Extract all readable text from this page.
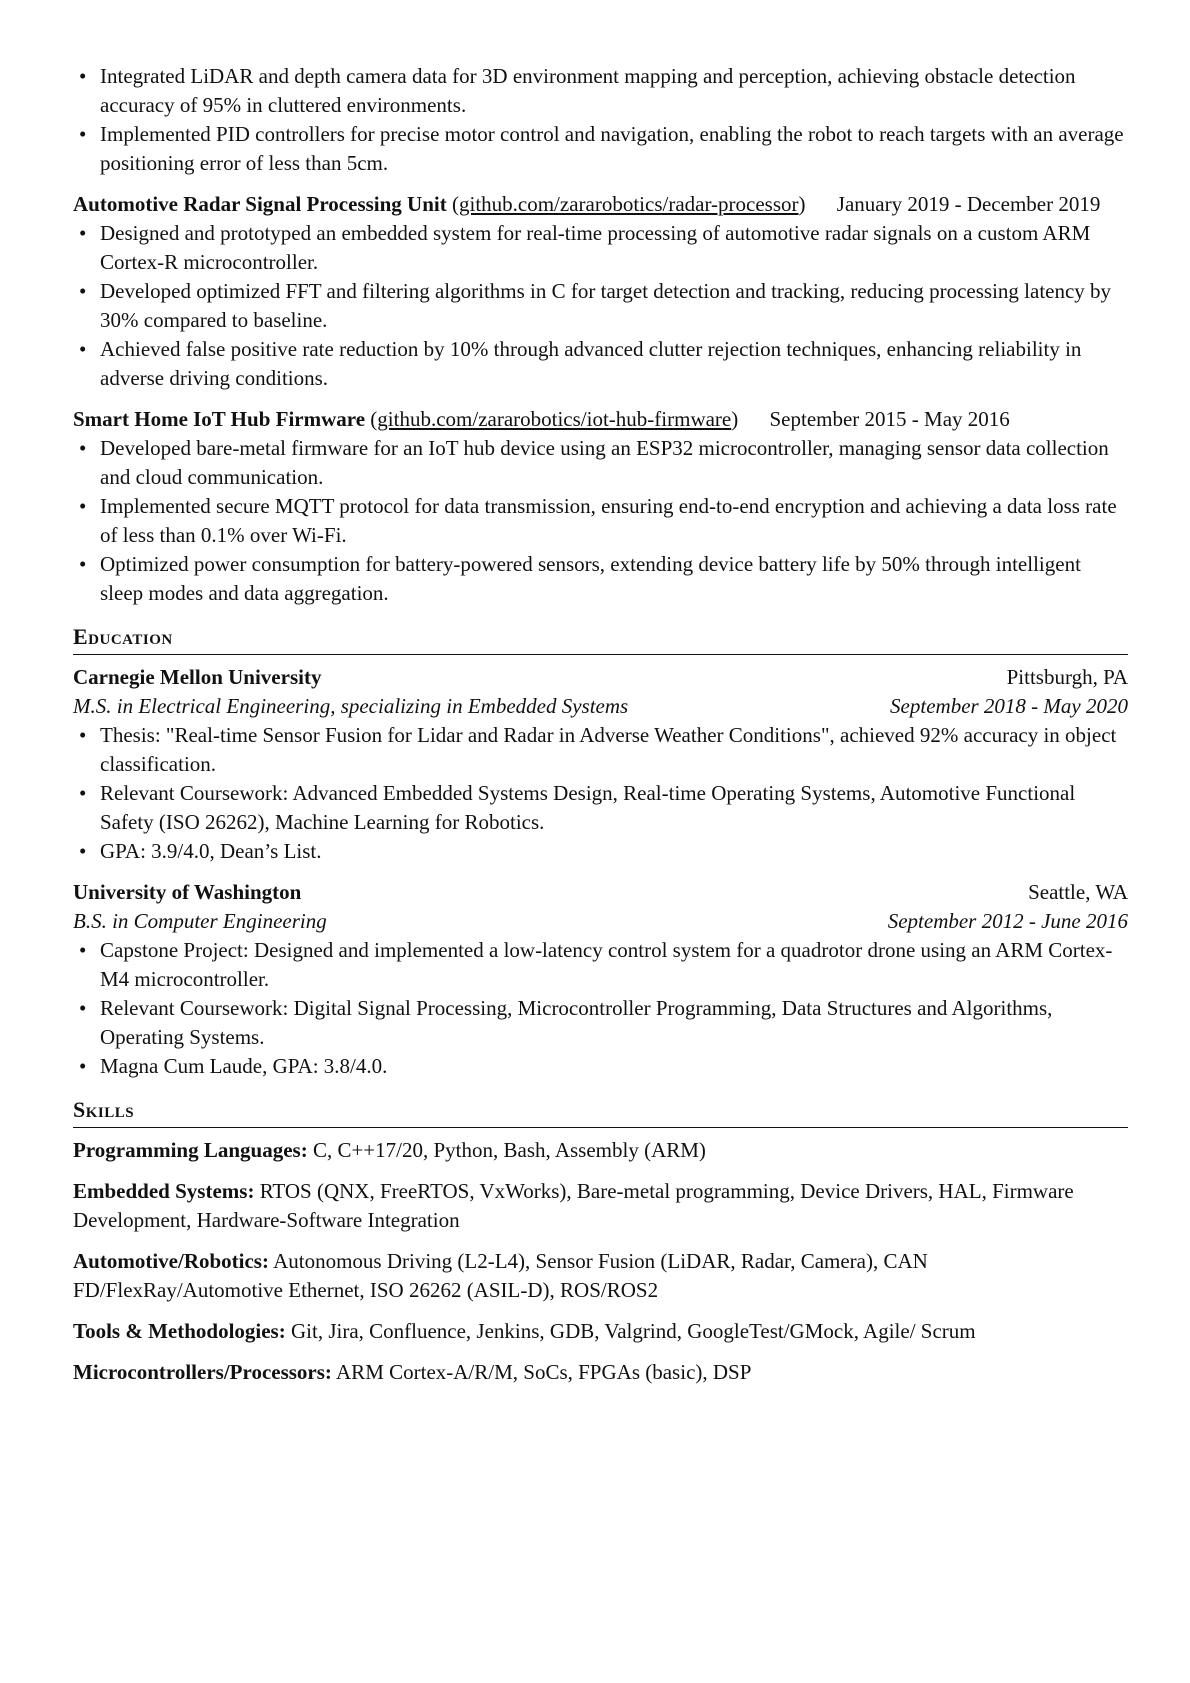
• Integrated LiDAR and depth camera data for 3D environment mapping and perception, achieving obstacle detection accuracy of 95% in cluttered environments.
• Implemented PID controllers for precise motor control and navigation, enabling the robot to reach targets with an average positioning error of less than 5cm.
Automotive Radar Signal Processing Unit (github.com/zararobotics/radar-processor) January 2019 - December 2019
• Designed and prototyped an embedded system for real-time processing of automotive radar signals on a custom ARM Cortex-R microcontroller.
• Developed optimized FFT and filtering algorithms in C for target detection and tracking, reducing processing latency by 30% compared to baseline.
• Achieved false positive rate reduction by 10% through advanced clutter rejection techniques, enhancing reliability in adverse driving conditions.
Smart Home IoT Hub Firmware (github.com/zararobotics/iot-hub-firmware) September 2015 - May 2016
• Developed bare-metal firmware for an IoT hub device using an ESP32 microcontroller, managing sensor data collection and cloud communication.
• Implemented secure MQTT protocol for data transmission, ensuring end-to-end encryption and achieving a data loss rate of less than 0.1% over Wi-Fi.
• Optimized power consumption for battery-powered sensors, extending device battery life by 50% through intelligent sleep modes and data aggregation.
Education
Carnegie Mellon University	Pittsburgh, PA
M.S. in Electrical Engineering, specializing in Embedded Systems	September 2018 - May 2020
• Thesis: "Real-time Sensor Fusion for Lidar and Radar in Adverse Weather Conditions", achieved 92% accuracy in object classification.
• Relevant Coursework: Advanced Embedded Systems Design, Real-time Operating Systems, Automotive Functional Safety (ISO 26262), Machine Learning for Robotics.
• GPA: 3.9/4.0, Dean’s List.
University of Washington	Seattle, WA
B.S. in Computer Engineering	September 2012 - June 2016
• Capstone Project: Designed and implemented a low-latency control system for a quadrotor drone using an ARM Cortex-M4 microcontroller.
• Relevant Coursework: Digital Signal Processing, Microcontroller Programming, Data Structures and Algorithms, Operating Systems.
• Magna Cum Laude, GPA: 3.8/4.0.
Skills
Programming Languages: C, C++17/20, Python, Bash, Assembly (ARM)
Embedded Systems: RTOS (QNX, FreeRTOS, VxWorks), Bare-metal programming, Device Drivers, HAL, Firmware Development, Hardware-Software Integration
Automotive/Robotics: Autonomous Driving (L2-L4), Sensor Fusion (LiDAR, Radar, Camera), CAN FD/FlexRay/Automotive Ethernet, ISO 26262 (ASIL-D), ROS/ROS2
Tools & Methodologies: Git, Jira, Confluence, Jenkins, GDB, Valgrind, GoogleTest/GMock, Agile/ Scrum
Microcontrollers/Processors: ARM Cortex-A/R/M, SoCs, FPGAs (basic), DSP
